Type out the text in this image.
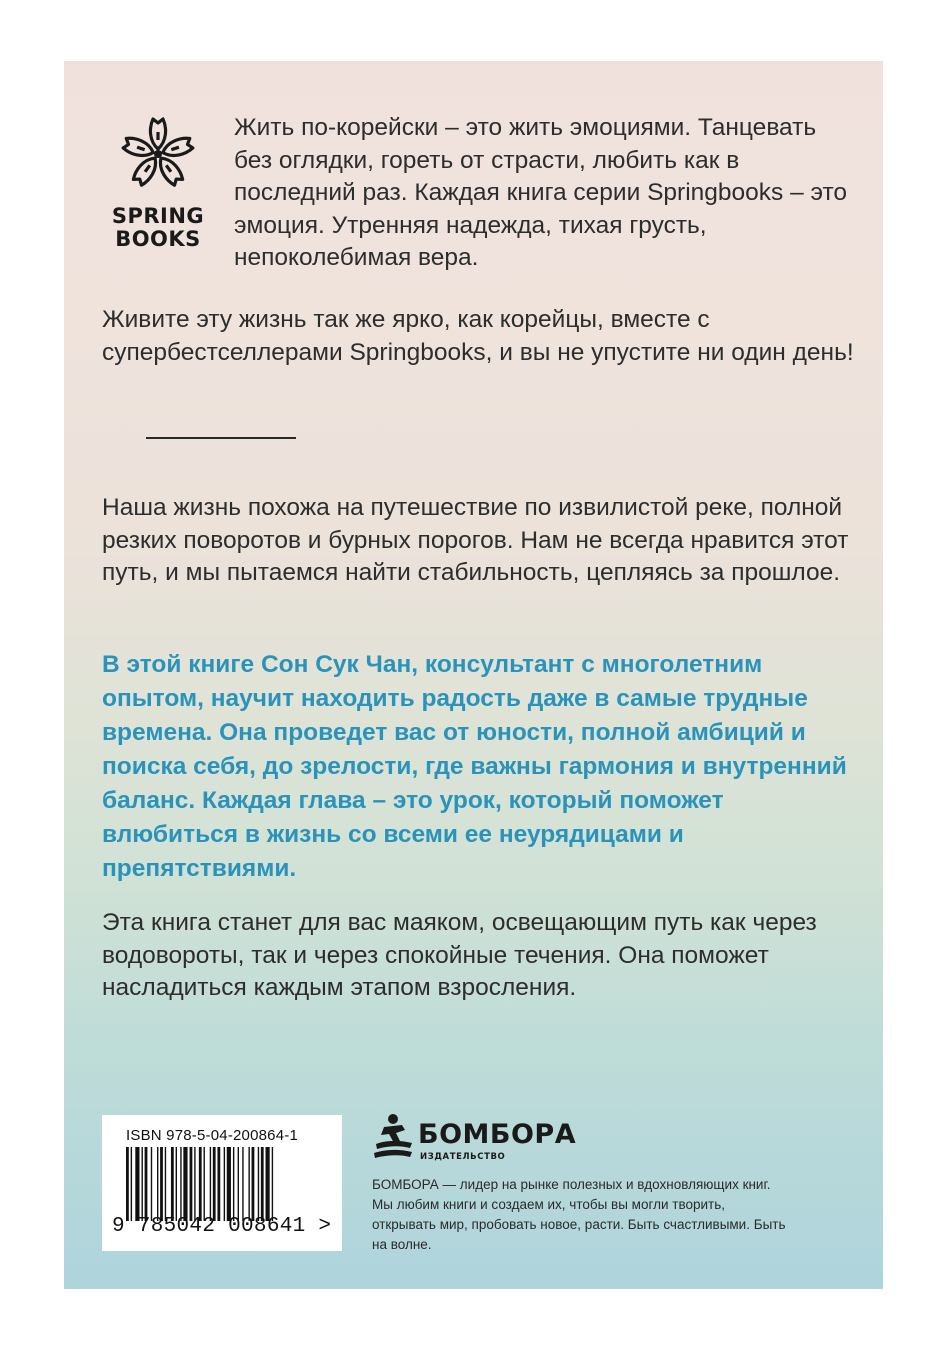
SPRING
BOOKS

Жить по-корейски – это жить эмоциями. Танцевать без оглядки, гореть от страсти, любить как в последний раз. Каждая книга серии Springbooks – это эмоция. Утренняя надежда, тихая грусть, непоколебимая вера.

Живите эту жизнь так же ярко, как корейцы, вместе с супербестселлерами Springbooks, и вы не упустите ни один день!

Наша жизнь похожа на путешествие по извилистой реке, полной резких поворотов и бурных порогов. Нам не всегда нравится этот путь, и мы пытаемся найти стабильность, цепляясь за прошлое.

В этой книге Сон Сук Чан, консультант с многолетним опытом, научит находить радость даже в самые трудные времена. Она проведет вас от юности, полной амбиций и поиска себя, до зрелости, где важны гармония и внутренний баланс. Каждая глава – это урок, который поможет влюбиться в жизнь со всеми ее неурядицами и препятствиями.

Эта книга станет для вас маяком, освещающим путь как через водовороты, так и через спокойные течения. Она поможет насладиться каждым этапом взросления.

ISBN 978-5-04-200864-1
9 785042 008641 >
БОМБОРА
ИЗДАТЕЛЬСТВО

БОМБОРА — лидер на рынке полезных и вдохновляющих книг. Мы любим книги и создаем их, чтобы вы могли творить, открывать мир, пробовать новое, расти. Быть счастливыми. Быть на волне.
